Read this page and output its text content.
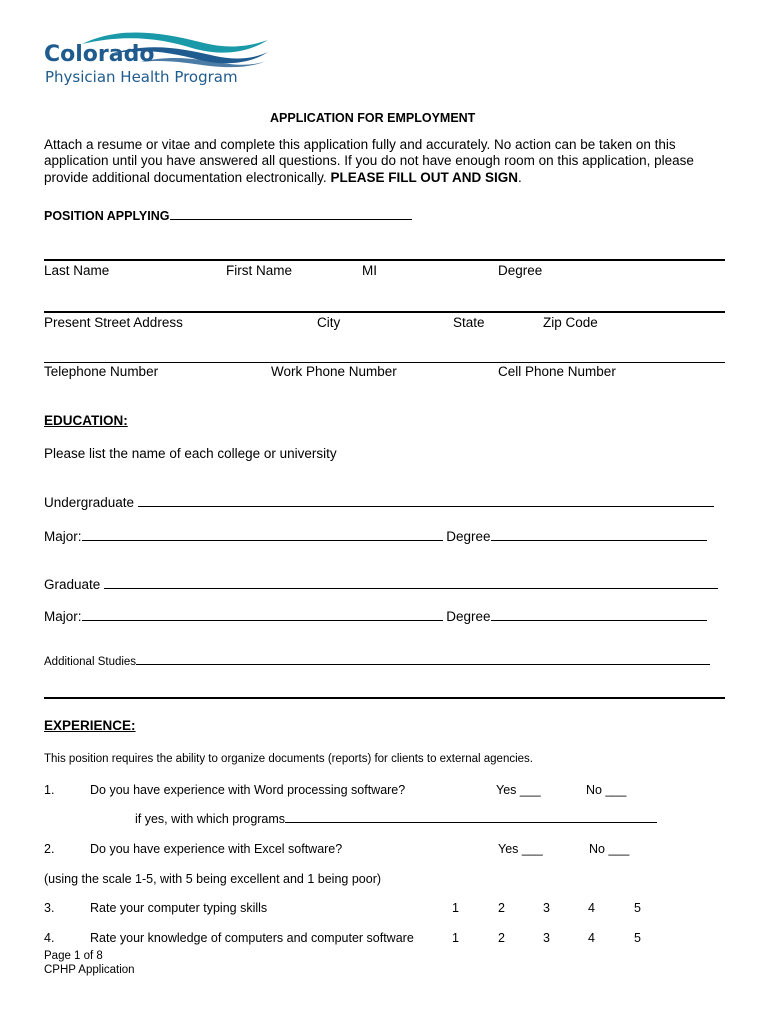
Colorado
Physician Health Program
APPLICATION FOR EMPLOYMENT
Attach a resume or vitae and complete this application fully and accurately. No action can be taken on this
application until you have answered all questions. If you do not have enough room on this application, please
provide additional documentation electronically. PLEASE FILL OUT AND SIGN.
POSITION APPLYING
Last Name	First Name	MI	Degree
Present Street Address	City	State	Zip Code
Telephone Number	Work Phone Number	Cell Phone Number
EDUCATION:
Please list the name of each college or university
Undergraduate
Major:	Degree
Graduate
Major:	Degree
Additional Studies
EXPERIENCE:
This position requires the ability to organize documents (reports) for clients to external agencies.
1.	Do you have experience with Word processing software?	Yes ___	No ___
if yes, with which programs
2.	Do you have experience with Excel software?	Yes ___	No ___
(using the scale 1-5, with 5 being excellent and 1 being poor)
3.	Rate your computer typing skills	1	2	3	4	5
4.	Rate your knowledge of computers and computer software	1	2	3	4	5
Page 1 of 8
CPHP Application
